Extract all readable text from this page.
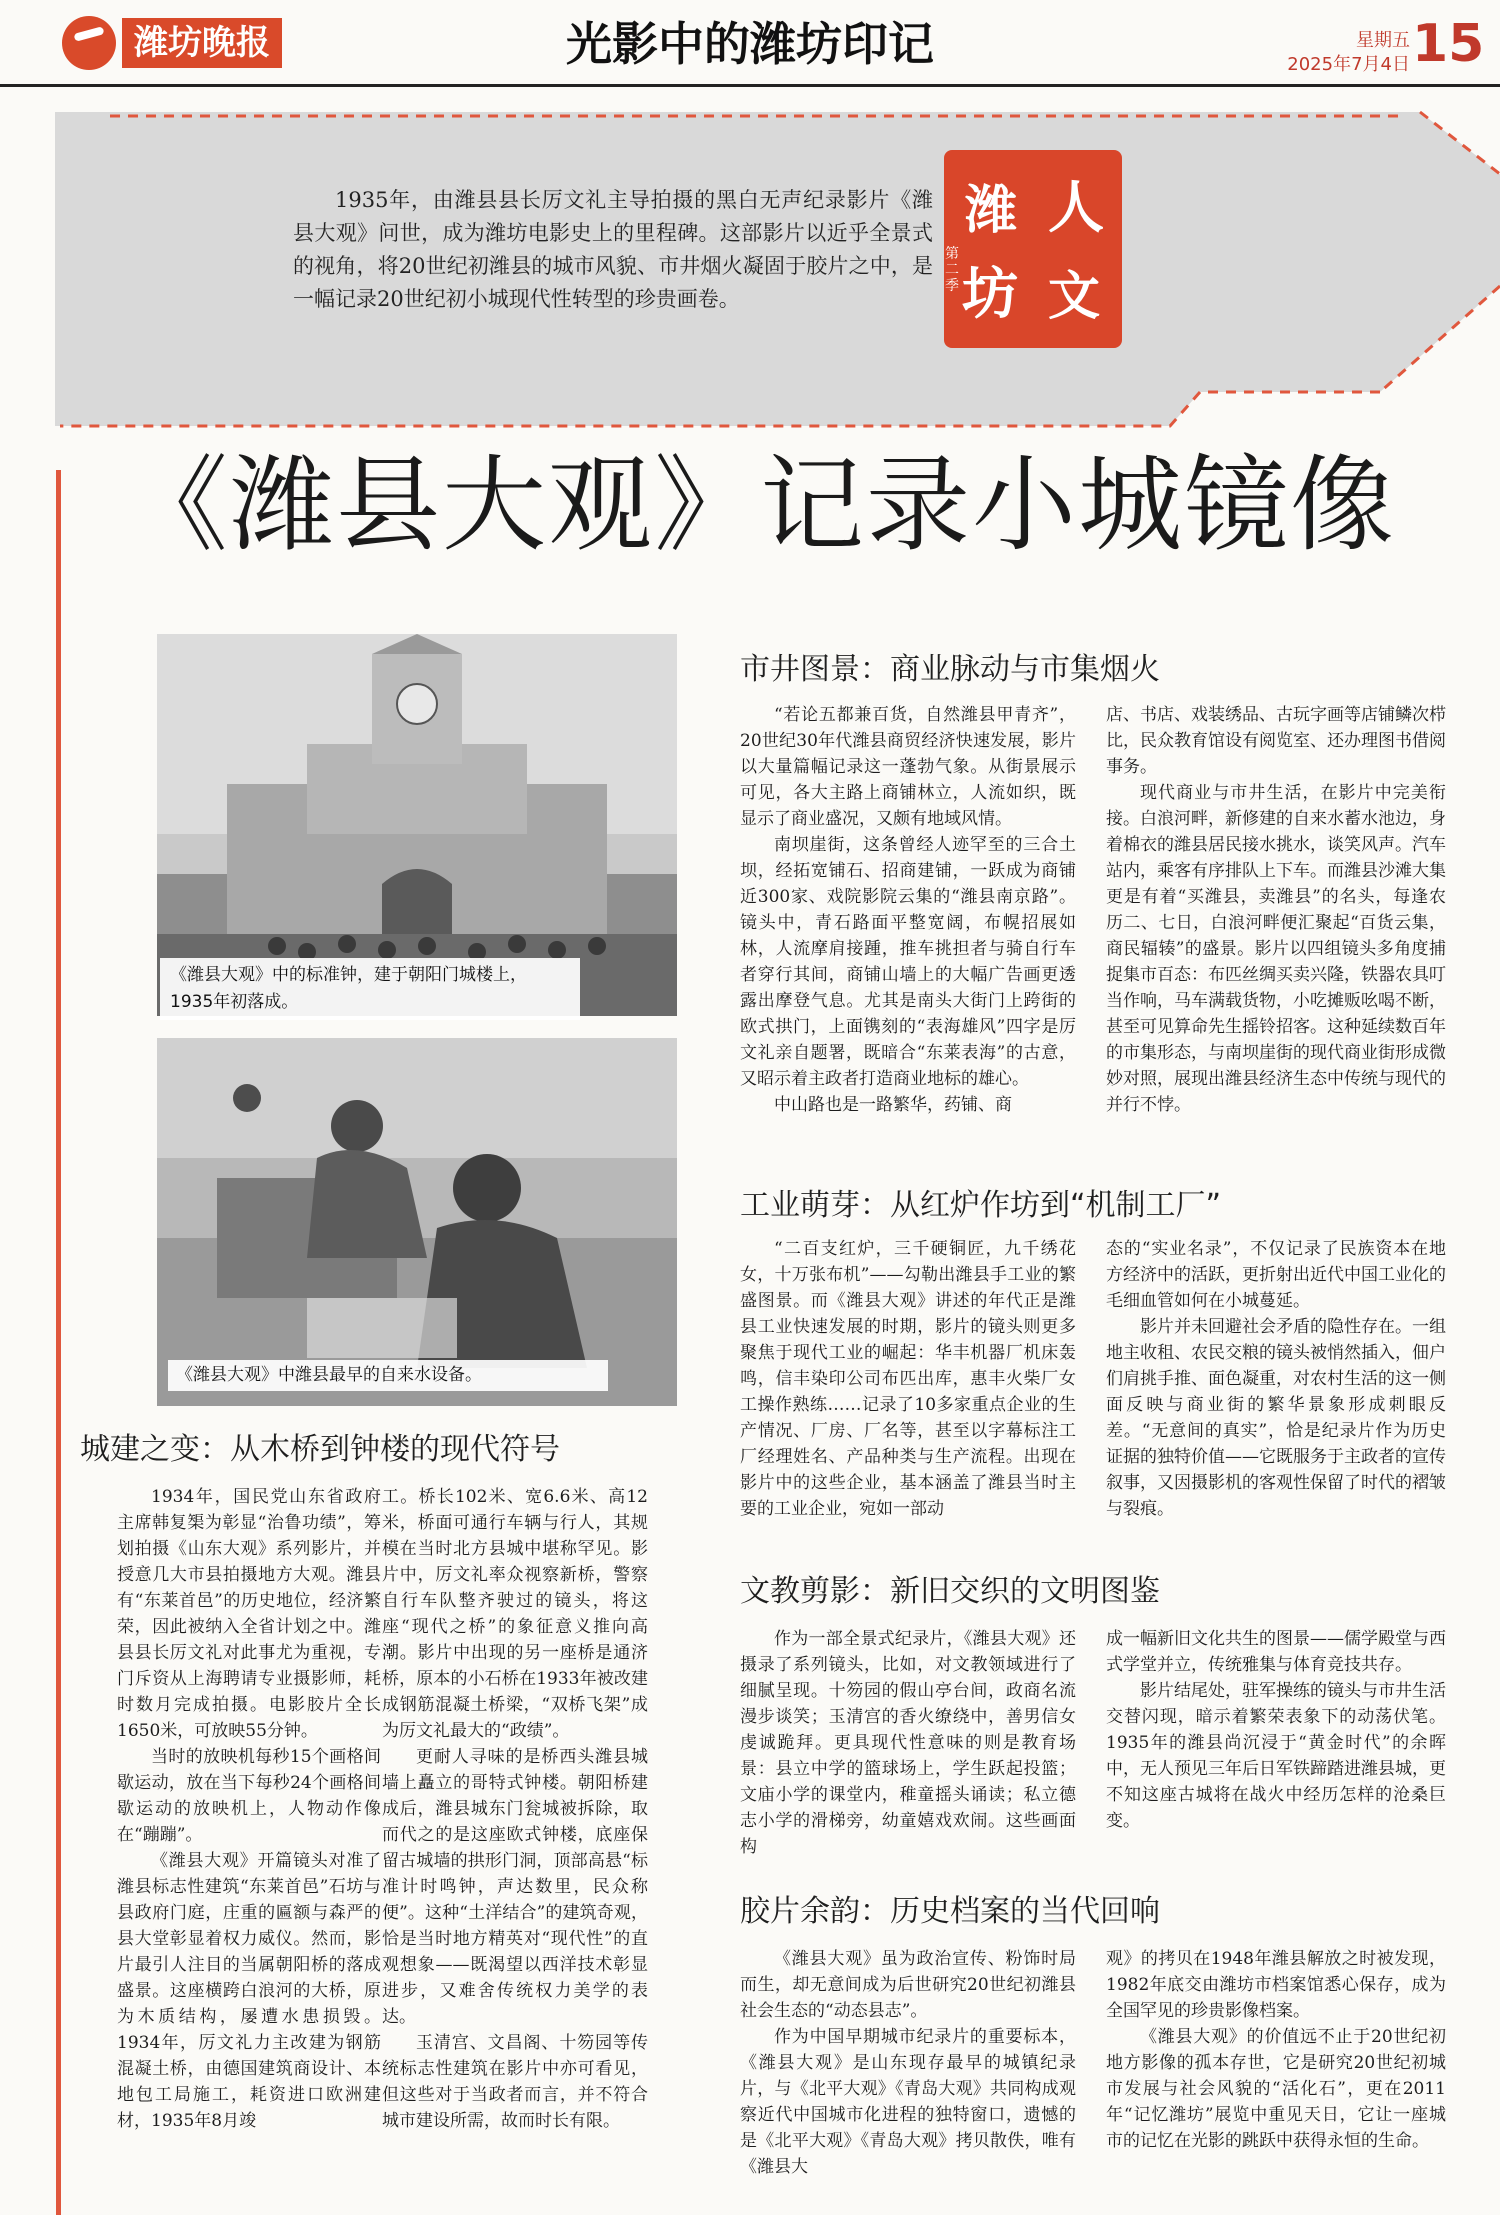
潍坊晚报	光影中的潍坊印记	星期五
2025年7月4日 15
1935年，由潍县县长厉文礼主导拍摄的黑白无声纪录影片《潍县大观》问世，成为潍坊电影史上的里程碑。这部影片以近乎全景式的视角，将20世纪初潍县的城市风貌、市井烟火凝固于胶片之中，是一幅记录20世纪初小城现代性转型的珍贵画卷。
潍 人
坊 文
第二季
《潍县大观》记录小城镜像
《潍县大观》中的标准钟，建于朝阳门城楼上，1935年初落成。
《潍县大观》中潍县最早的自来水设备。
城建之变：从木桥到钟楼的现代符号

1934年，国民党山东省政府主席韩复榘为彰显“治鲁功绩”，筹划拍摄《山东大观》系列影片，并授意几大市县拍摄地方大观。潍县有“东莱首邑”的历史地位，经济繁荣，因此被纳入全省计划之中。潍县县长厉文礼对此事尤为重视，专门斥资从上海聘请专业摄影师，耗时数月完成拍摄。电影胶片全长1650米，可放映55分钟。

当时的放映机每秒15个画格间歇运动，放在当下每秒24个画格间歇运动的放映机上，人物动作像在“蹦蹦”。

《潍县大观》开篇镜头对准了潍县标志性建筑“东莱首邑”石坊与县政府门庭，庄重的匾额与森严的县大堂彰显着权力威仪。然而，影片最引人注目的当属朝阳桥的落成盛景。这座横跨白浪河的大桥，原为木质结构，屡遭水患损毁。1934年，厉文礼力主改建为钢筋混凝土桥，由德国建筑商设计、本地包工局施工，耗资进口欧洲建材，1935年8月竣

工。桥长102米、宽6.6米、高12米，桥面可通行车辆与行人，其规模在当时北方县城中堪称罕见。影片中，厉文礼率众视察新桥，警察自行车队整齐驶过的镜头，将这座“现代之桥”的象征意义推向高潮。影片中出现的另一座桥是通济桥，原本的小石桥在1933年被改建成钢筋混凝土桥梁，“双桥飞架”成为厉文礼最大的“政绩”。

更耐人寻味的是桥西头潍县城墙上矗立的哥特式钟楼。朝阳桥建成后，潍县城东门瓮城被拆除，取而代之的是这座欧式钟楼，底座保留古城墙的拱形门洞，顶部高悬“标准计时鸣钟，声达数里，民众称便”。这种“土洋结合”的建筑奇观，恰是当时地方精英对“现代性”的直观想象——既渴望以西洋技术彰显进步，又难舍传统权力美学的表达。

玉清宫、文昌阁、十笏园等传统标志性建筑在影片中亦可看见，但这些对于当政者而言，并不符合城市建设所需，故而时长有限。

市井图景：商业脉动与市集烟火

“若论五都兼百货，自然潍县甲青齐”，20世纪30年代潍县商贸经济快速发展，影片以大量篇幅记录这一蓬勃气象。从街景展示可见，各大主路上商铺林立，人流如织，既显示了商业盛况，又颇有地域风情。

南坝崖街，这条曾经人迹罕至的三合土坝，经拓宽铺石、招商建铺，一跃成为商铺近300家、戏院影院云集的“潍县南京路”。镜头中，青石路面平整宽阔，布幌招展如林，人流摩肩接踵，推车挑担者与骑自行车者穿行其间，商铺山墙上的大幅广告画更透露出摩登气息。尤其是南头大街门上跨街的欧式拱门，上面镌刻的“表海雄风”四字是厉文礼亲自题署，既暗合“东莱表海”的古意，又昭示着主政者打造商业地标的雄心。

中山路也是一路繁华，药铺、商

店、书店、戏装绣品、古玩字画等店铺鳞次栉比，民众教育馆设有阅览室、还办理图书借阅事务。

现代商业与市井生活，在影片中完美衔接。白浪河畔，新修建的自来水蓄水池边，身着棉衣的潍县居民接水挑水，谈笑风声。汽车站内，乘客有序排队上下车。而潍县沙滩大集更是有着“买潍县，卖潍县”的名头，每逢农历二、七日，白浪河畔便汇聚起“百货云集，商民辐辏”的盛景。影片以四组镜头多角度捕捉集市百态：布匹丝绸买卖兴隆，铁器农具叮当作响，马车满载货物，小吃摊贩吆喝不断，甚至可见算命先生摇铃招客。这种延续数百年的市集形态，与南坝崖街的现代商业街形成微妙对照，展现出潍县经济生态中传统与现代的并行不悖。

工业萌芽：从红炉作坊到“机制工厂”

“二百支红炉，三千硬铜匠，九千绣花女，十万张布机”——勾勒出潍县手工业的繁盛图景。而《潍县大观》讲述的年代正是潍县工业快速发展的时期，影片的镜头则更多聚焦于现代工业的崛起：华丰机器厂机床轰鸣，信丰染印公司布匹出库，惠丰火柴厂女工操作熟练……记录了10多家重点企业的生产情况、厂房、厂名等，甚至以字幕标注工厂经理姓名、产品种类与生产流程。出现在影片中的这些企业，基本涵盖了潍县当时主要的工业企业，宛如一部动

态的“实业名录”，不仅记录了民族资本在地方经济中的活跃，更折射出近代中国工业化的毛细血管如何在小城蔓延。

影片并未回避社会矛盾的隐性存在。一组地主收租、农民交粮的镜头被悄然插入，佃户们肩挑手推、面色凝重，对农村生活的这一侧面反映与商业街的繁华景象形成刺眼反差。“无意间的真实”，恰是纪录片作为历史证据的独特价值——它既服务于主政者的宣传叙事，又因摄影机的客观性保留了时代的褶皱与裂痕。

文教剪影：新旧交织的文明图鉴

作为一部全景式纪录片，《潍县大观》还摄录了系列镜头，比如，对文教领域进行了细腻呈现。十笏园的假山亭台间，政商名流漫步谈笑；玉清宫的香火缭绕中，善男信女虔诚跪拜。更具现代性意味的则是教育场景：县立中学的篮球场上，学生跃起投篮；文庙小学的课堂内，稚童摇头诵读；私立德志小学的滑梯旁，幼童嬉戏欢闹。这些画面构

成一幅新旧文化共生的图景——儒学殿堂与西式学堂并立，传统雅集与体育竞技共存。

影片结尾处，驻军操练的镜头与市井生活交替闪现，暗示着繁荣表象下的动荡伏笔。1935年的潍县尚沉浸于“黄金时代”的余晖中，无人预见三年后日军铁蹄踏进潍县城，更不知这座古城将在战火中经历怎样的沧桑巨变。

胶片余韵：历史档案的当代回响

《潍县大观》虽为政治宣传、粉饰时局而生，却无意间成为后世研究20世纪初潍县社会生态的“动态县志”。

作为中国早期城市纪录片的重要标本，《潍县大观》是山东现存最早的城镇纪录片，与《北平大观》《青岛大观》共同构成观察近代中国城市化进程的独特窗口，遗憾的是《北平大观》《青岛大观》拷贝散佚，唯有《潍县大

观》的拷贝在1948年潍县解放之时被发现，1982年底交由潍坊市档案馆悉心保存，成为全国罕见的珍贵影像档案。

《潍县大观》的价值远不止于20世纪初地方影像的孤本存世，它是研究20世纪初城市发展与社会风貌的“活化石”，更在2011年“记忆潍坊”展览中重见天日，它让一座城市的记忆在光影的跳跃中获得永恒的生命。
